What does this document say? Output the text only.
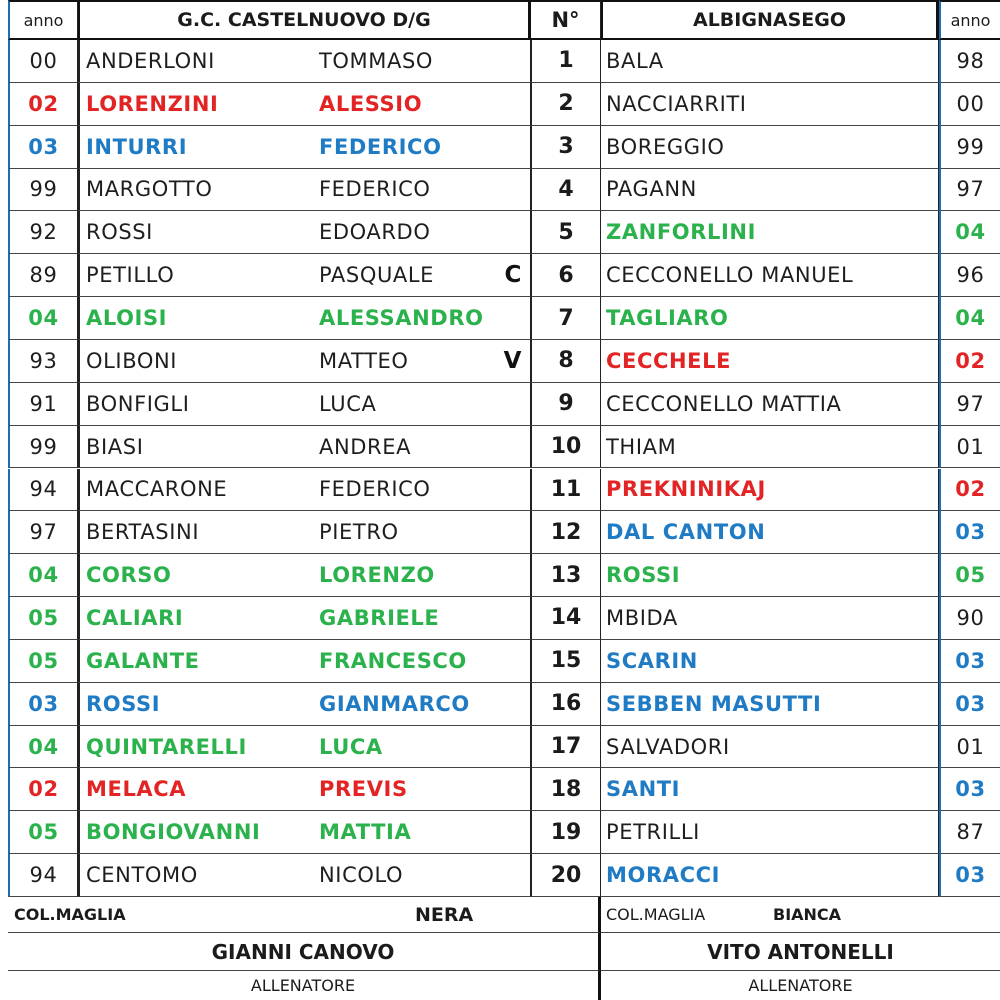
anno	G.C. CASTELNUOVO D/G	N°	ALBIGNASEGO	anno
00	ANDERLONI	TOMMASO	1	BALA	98
02	LORENZINI	ALESSIO	2	NACCIARRITI	00
03	INTURRI	FEDERICO	3	BOREGGIO	99
99	MARGOTTO	FEDERICO	4	PAGANN	97
92	ROSSI	EDOARDO	5	ZANFORLINI	04
89	PETILLO	PASQUALE	C	6	CECCONELLO MANUEL	96
04	ALOISI	ALESSANDRO	7	TAGLIARO	04
93	OLIBONI	MATTEO	V	8	CECCHELE	02
91	BONFIGLI	LUCA	9	CECCONELLO MATTIA	97
99	BIASI	ANDREA	10	THIAM	01
94	MACCARONE	FEDERICO	11	PREKNINIKAJ	02
97	BERTASINI	PIETRO	12	DAL CANTON	03
04	CORSO	LORENZO	13	ROSSI	05
05	CALIARI	GABRIELE	14	MBIDA	90
05	GALANTE	FRANCESCO	15	SCARIN	03
03	ROSSI	GIANMARCO	16	SEBBEN MASUTTI	03
04	QUINTARELLI	LUCA	17	SALVADORI	01
02	MELACA	PREVIS	18	SANTI	03
05	BONGIOVANNI	MATTIA	19	PETRILLI	87
94	CENTOMO	NICOLO	20	MORACCI	03
COL.MAGLIA	NERA	COL.MAGLIA	BIANCA
GIANNI CANOVO	VITO ANTONELLI
ALLENATORE	ALLENATORE
